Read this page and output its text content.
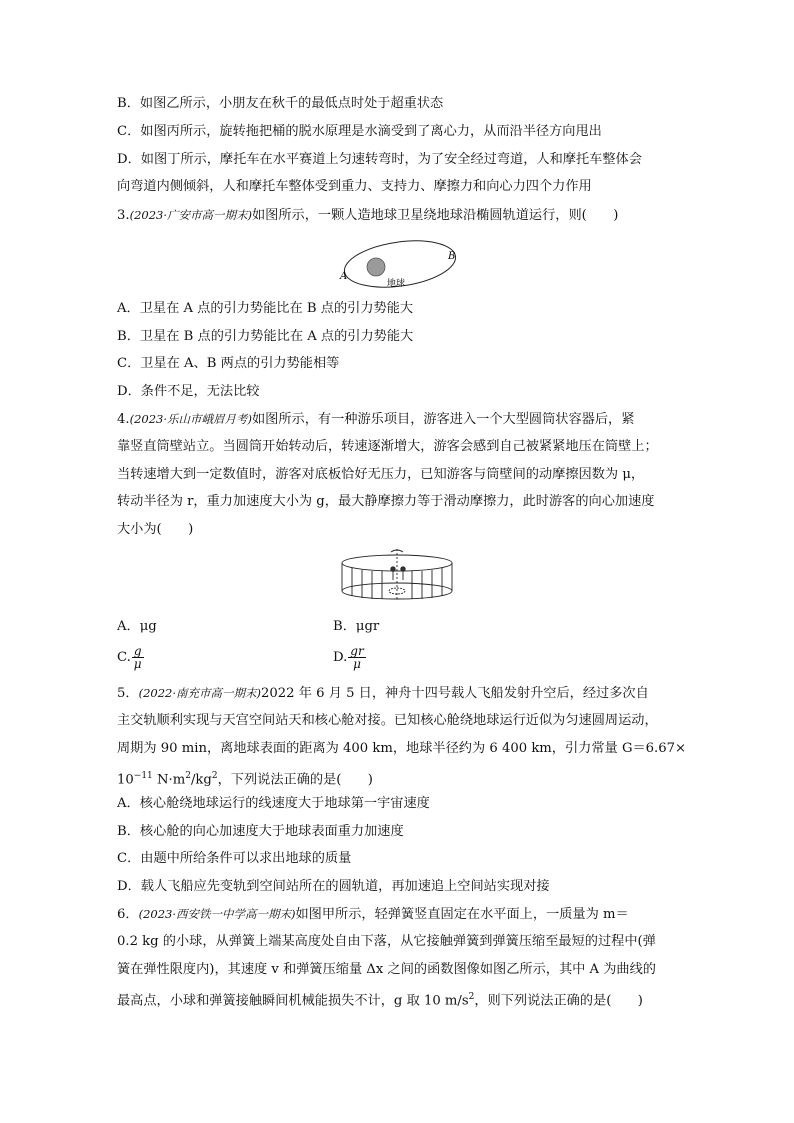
B．如图乙所示，小朋友在秋千的最低点时处于超重状态
C．如图丙所示，旋转拖把桶的脱水原理是水滴受到了离心力，从而沿半径方向甩出
D．如图丁所示，摩托车在水平赛道上匀速转弯时，为了安全经过弯道，人和摩托车整体会
向弯道内侧倾斜，人和摩托车整体受到重力、支持力、摩擦力和向心力四个力作用
3.(2023·广安市高一期末)如图所示，一颗人造地球卫星绕地球沿椭圆轨道运行，则(　　)
A
B
地球
A．卫星在 A 点的引力势能比在 B 点的引力势能大
B．卫星在 B 点的引力势能比在 A 点的引力势能大
C．卫星在 A、B 两点的引力势能相等
D．条件不足，无法比较
4.(2023·乐山市峨眉月考)如图所示，有一种游乐项目，游客进入一个大型圆筒状容器后，紧
靠竖直筒壁站立。当圆筒开始转动后，转速逐渐增大，游客会感到自己被紧紧地压在筒壁上；
当转速增大到一定数值时，游客对底板恰好无压力，已知游客与筒壁间的动摩擦因数为 μ，
转动半径为 r，重力加速度大小为 g，最大静摩擦力等于滑动摩擦力，此时游客的向心加速度
大小为(　　)
A．μg	B．μgr
C. $\frac{g}{\mu}$	D. $\frac{gr}{\mu}$
5．(2022·南充市高一期末)2022 年 6 月 5 日，神舟十四号载人飞船发射升空后，经过多次自
主交轨顺利实现与天宫空间站天和核心舱对接。已知核心舱绕地球运行近似为匀速圆周运动，
周期为 90 min，离地球表面的距离为 400 km，地球半径约为 6 400 km，引力常量 G＝6.67×
$10^{-11}$ $N\cdot m^2/kg^2$，下列说法正确的是(　　)
A．核心舱绕地球运行的线速度大于地球第一宇宙速度
B．核心舱的向心加速度大于地球表面重力加速度
C．由题中所给条件可以求出地球的质量
D．载人飞船应先变轨到空间站所在的圆轨道，再加速追上空间站实现对接
6．(2023·西安铁一中学高一期末)如图甲所示，轻弹簧竖直固定在水平面上，一质量为 m＝
0.2 kg 的小球，从弹簧上端某高度处自由下落，从它接触弹簧到弹簧压缩至最短的过程中(弹
簧在弹性限度内)，其速度 v 和弹簧压缩量 Δx 之间的函数图像如图乙所示，其中 A 为曲线的
最高点，小球和弹簧接触瞬间机械能损失不计，g 取 10 $m/s^2$，则下列说法正确的是(　　)
